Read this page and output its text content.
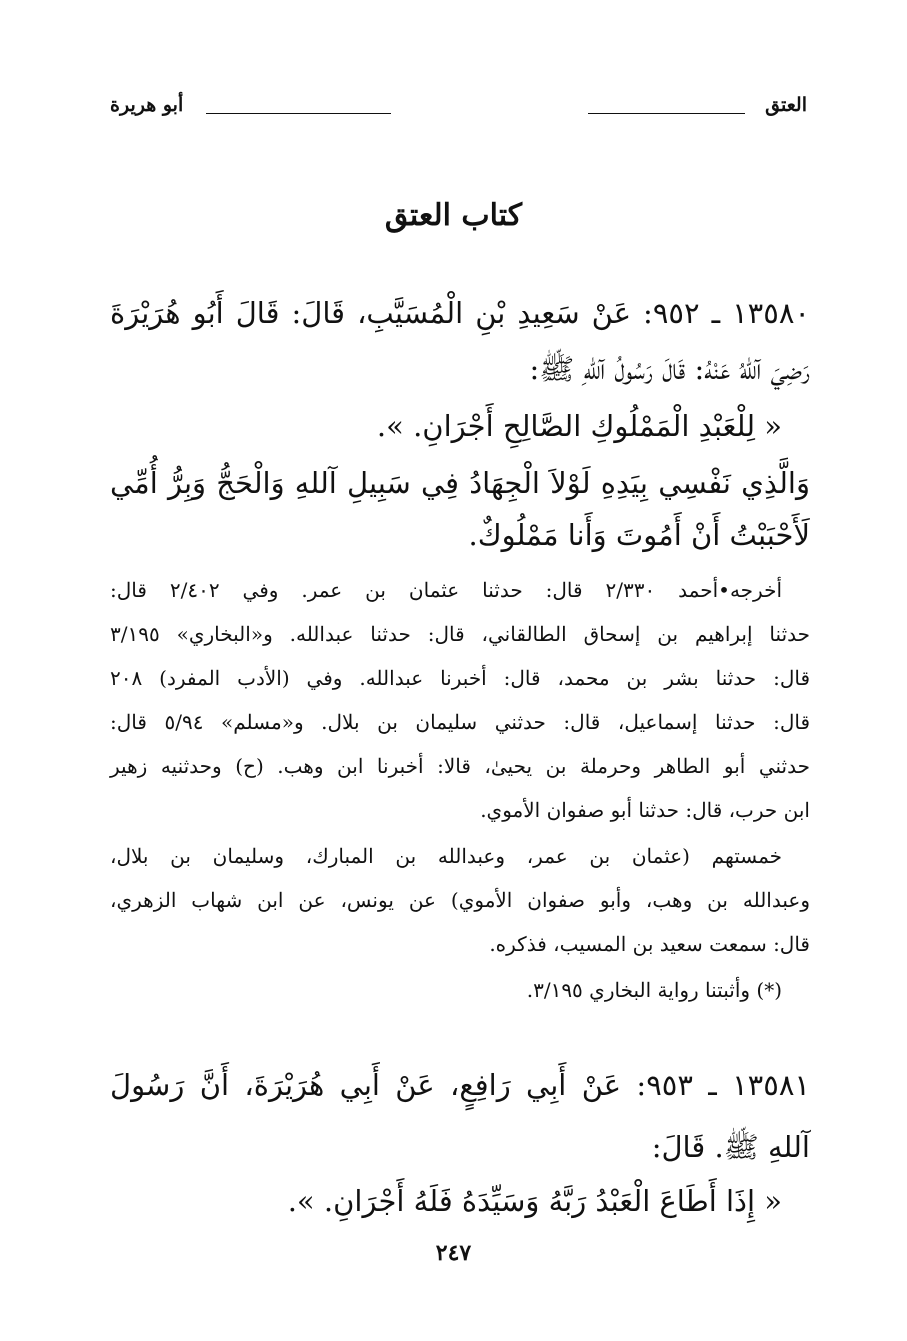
العتق
أبو هريرة
كتاب العتق
١٣٥٨٠ ـ ٩٥٢: عَنْ سَعِيدِ بْنِ الْمُسَيَّبِ، قَالَ: قَالَ أَبُو هُرَيْرَةَ
رَضِيَ آللهُ عَنْهُ: قَالَ رَسُولُ آللهِ ﷺ:
« لِلْعَبْدِ الْمَمْلُوكِ الصَّالِحِ أَجْرَانِ. ».
وَالَّذِي نَفْسِي بِيَدِهِ لَوْلاَ الْجِهَادُ فِي سَبِيلِ آللهِ وَالْحَجُّ وَبِرُّ أُمِّي
لَأَحْبَبْتُ أَنْ أَمُوتَ وَأَنا مَمْلُوكٌ.
أخرجه•أحمد ٢/٣٣٠ قال: حدثنا عثمان بن عمر. وفي ٢/٤٠٢ قال:
حدثنا إبراهيم بن إسحاق الطالقاني، قال: حدثنا عبدالله. و«البخاري» ٣/١٩٥
قال: حدثنا بشر بن محمد، قال: أخبرنا عبدالله. وفي (الأدب المفرد) ٢٠٨
قال: حدثنا إسماعيل، قال: حدثني سليمان بن بلال. و«مسلم» ٥/٩٤ قال:
حدثني أبو الطاهر وحرملة بن يحيىٰ، قالا: أخبرنا ابن وهب. (ح) وحدثنيه زهير
ابن حرب، قال: حدثنا أبو صفوان الأموي.
خمستهم (عثمان بن عمر، وعبدالله بن المبارك، وسليمان بن بلال،
وعبدالله بن وهب، وأبو صفوان الأموي) عن يونس، عن ابن شهاب الزهري،
قال: سمعت سعيد بن المسيب، فذكره.
(*) وأثبتنا رواية البخاري ٣/١٩٥.
١٣٥٨١ ـ ٩٥٣: عَنْ أَبِي رَافِعٍ، عَنْ أَبِي هُرَيْرَةَ، أَنَّ رَسُولَ
آللهِ ﷺ. قَالَ:
« إِذَا أَطَاعَ الْعَبْدُ رَبَّهُ وَسَيِّدَهُ فَلَهُ أَجْرَانِ. ».
٢٤٧
